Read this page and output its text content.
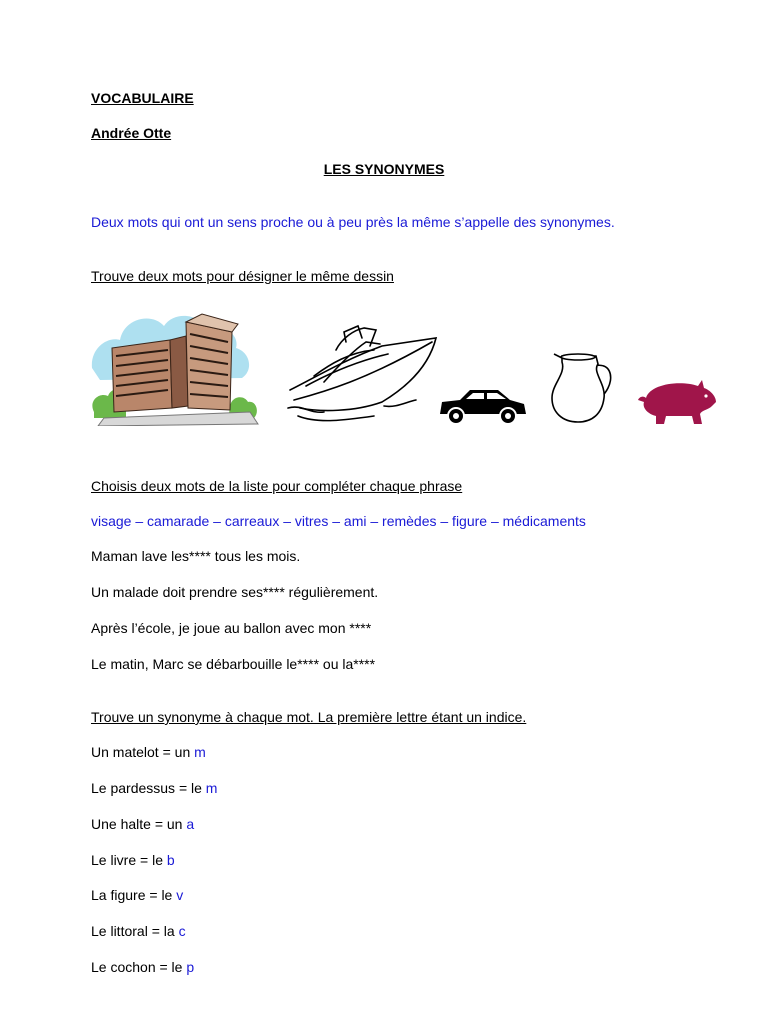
VOCABULAIRE
Andrée Otte
LES SYNONYMES
Deux mots qui ont un sens proche ou à peu près la même s’appelle des synonymes.
Trouve deux mots pour désigner le même dessin
Choisis deux mots de la liste pour compléter chaque phrase
visage – camarade – carreaux – vitres – ami – remèdes – figure – médicaments
Maman lave les**** tous les mois.
Un malade doit prendre ses**** régulièrement.
Après l’école, je joue au ballon avec mon ****
Le matin, Marc se débarbouille le**** ou la****
Trouve un synonyme à chaque mot. La première lettre étant un indice.
Un matelot = un m
Le pardessus = le m
Une halte = un a
Le livre = le b
La figure = le v
Le littoral = la c
Le cochon = le p
